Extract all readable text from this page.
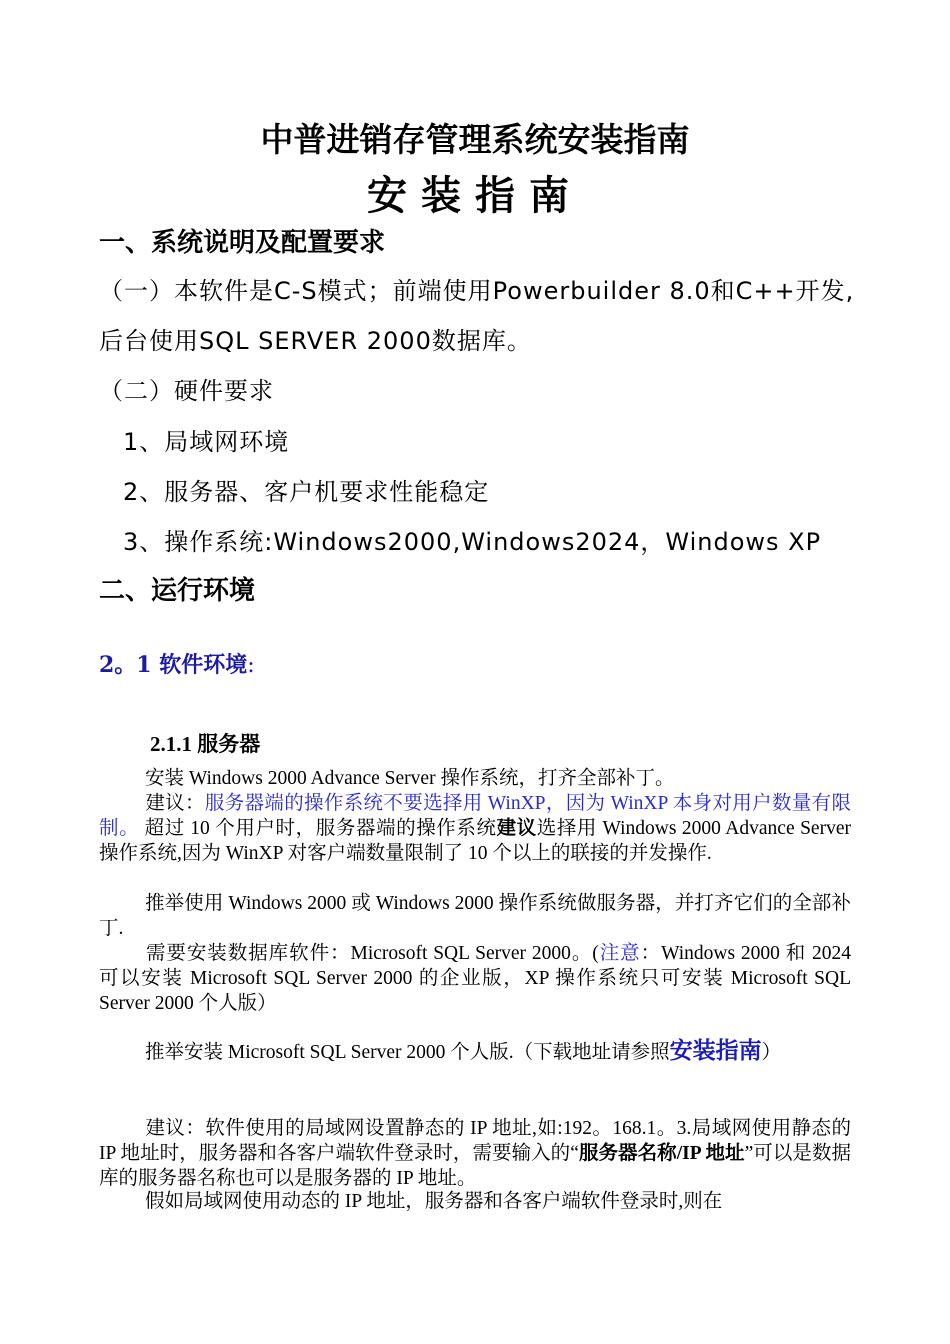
中普进销存管理系统安装指南
安装指南
一、系统说明及配置要求
（一）本软件是C-S模式；前端使用Powerbuilder 8.0和C++开发,
后台使用SQL SERVER 2000数据库。
（二）硬件要求
1、局域网环境
2、服务器、客户机要求性能稳定
3、操作系统:Windows2000,Windows2024，Windows XP
二、运行环境
2。1 软件环境:
2.1.1 服务器
安装 Windows 2000 Advance Server 操作系统，打齐全部补丁。
建议：服务器端的操作系统不要选择用 WinXP，因为 WinXP 本身对用户数量有限制。 超过 10 个用户时，服务器端的操作系统建议选择用 Windows 2000 Advance Server 操作系统,因为 WinXP 对客户端数量限制了 10 个以上的联接的并发操作.
推举使用 Windows 2000 或 Windows 2000 操作系统做服务器，并打齐它们的全部补丁.
需要安装数据库软件：Microsoft SQL Server 2000。(注意：Windows 2000 和 2024 可以安装 Microsoft SQL Server 2000 的企业版，XP 操作系统只可安装 Microsoft SQL Server 2000 个人版）
推举安装 Microsoft SQL Server 2000 个人版.（下载地址请参照安装指南）
建议：软件使用的局域网设置静态的 IP 地址,如:192。168.1。3.局域网使用静态的 IP 地址时，服务器和各客户端软件登录时，需要输入的“服务器名称/IP 地址”可以是数据库的服务器名称也可以是服务器的 IP 地址。
假如局域网使用动态的 IP 地址，服务器和各客户端软件登录时,则在
